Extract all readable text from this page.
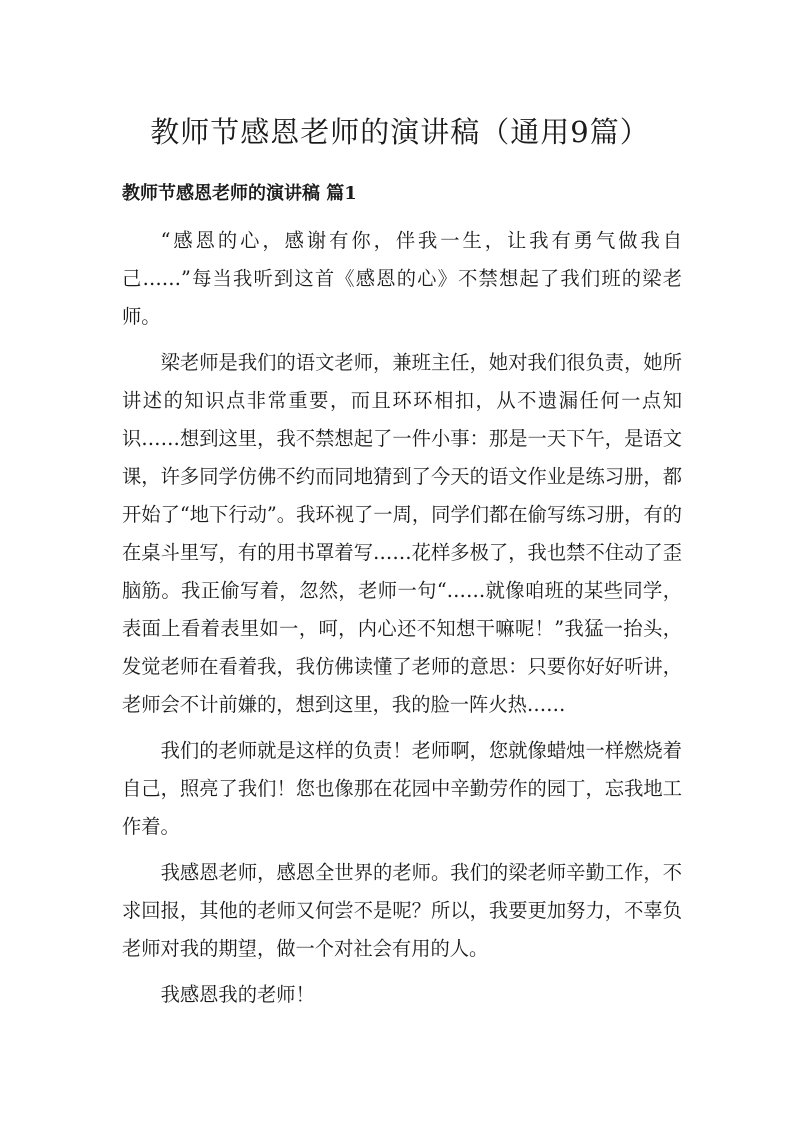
教师节感恩老师的演讲稿（通用9篇）
教师节感恩老师的演讲稿 篇1

“感恩的心，感谢有你，伴我一生，让我有勇气做我自己……”每当我听到这首《感恩的心》不禁想起了我们班的梁老师。

梁老师是我们的语文老师，兼班主任，她对我们很负责，她所讲述的知识点非常重要，而且环环相扣，从不遗漏任何一点知识……想到这里，我不禁想起了一件小事：那是一天下午，是语文课，许多同学仿佛不约而同地猜到了今天的语文作业是练习册，都开始了“地下行动”。我环视了一周，同学们都在偷写练习册，有的在桌斗里写，有的用书罩着写……花样多极了，我也禁不住动了歪脑筋。我正偷写着，忽然，老师一句“……就像咱班的某些同学，表面上看着表里如一，呵，内心还不知想干嘛呢！”我猛一抬头，发觉老师在看着我，我仿佛读懂了老师的意思：只要你好好听讲，老师会不计前嫌的，想到这里，我的脸一阵火热……

我们的老师就是这样的负责！老师啊，您就像蜡烛一样燃烧着自己，照亮了我们！您也像那在花园中辛勤劳作的园丁，忘我地工作着。

我感恩老师，感恩全世界的老师。我们的梁老师辛勤工作，不求回报，其他的老师又何尝不是呢？所以，我要更加努力，不辜负老师对我的期望，做一个对社会有用的人。

我感恩我的老师！
